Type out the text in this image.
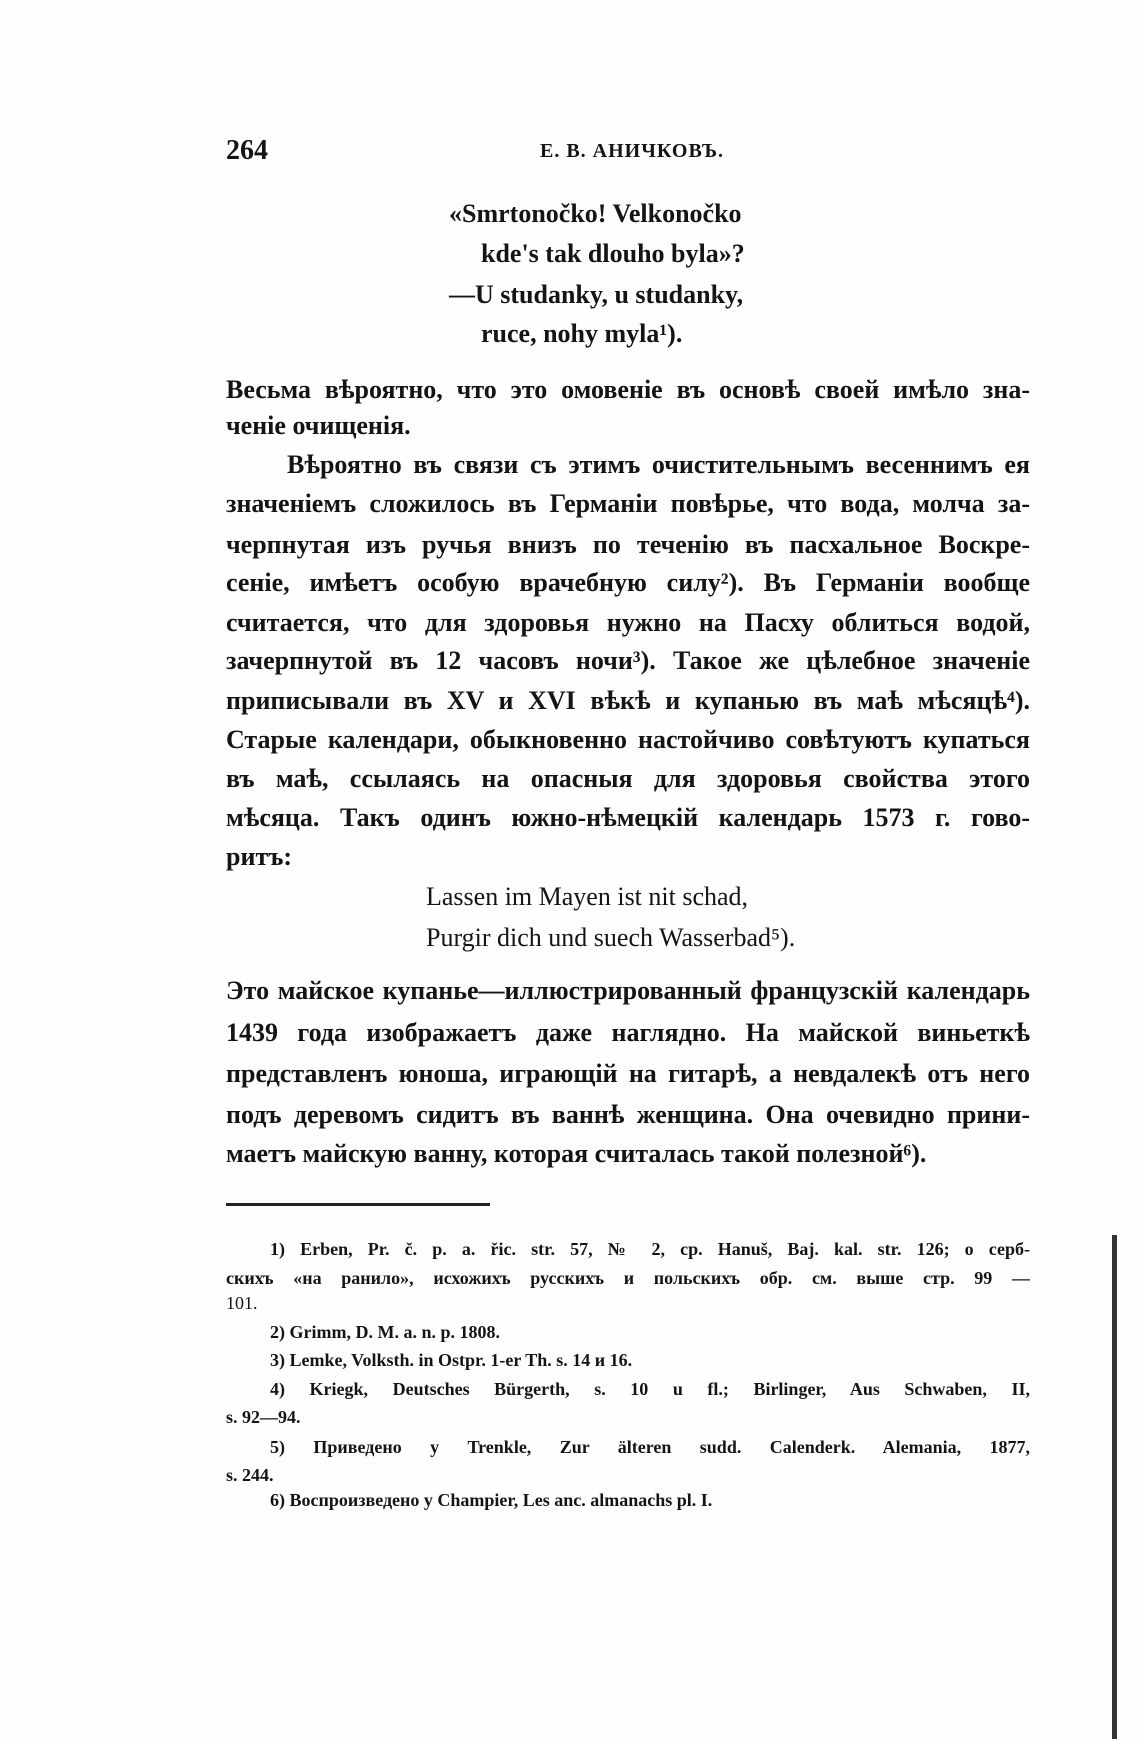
264	Е. В. АНИЧКОВЪ.
«Smrtonočko! Velkonočko
kde's tak dlouho byla»?
—U studanky, u studanky,
ruce, nohy myla¹).
Весьма вѣроятно, что это омовеніе въ основѣ своей имѣло зна-
ченіе очищенія.
Вѣроятно въ связи съ этимъ очистительнымъ весеннимъ ея
значеніемъ сложилось въ Германіи повѣрье, что вода, молча за-
черпнутая изъ ручья внизъ по теченію въ пасхальное Воскре-
сеніе, имѣетъ особую врачебную силу²). Въ Германіи вообще
считается, что для здоровья нужно на Пасху облиться водой,
зачерпнутой въ 12 часовъ ночи³). Такое же цѣлебное значеніе
приписывали въ XV и XVI вѣкѣ и купанью въ маѣ мѣсяцѣ⁴).
Старые календари, обыкновенно настойчиво совѣтуютъ купаться
въ маѣ, ссылаясь на опасныя для здоровья свойства этого
мѣсяца. Такъ одинъ южно-нѣмецкій календарь 1573 г. гово-
ритъ:
Lassen im Mayen ist nit schad,
Purgir dich und suech Wasserbad⁵).
Это майское купанье—иллюстрированный французскій календарь
1439 года изображаетъ даже наглядно. На майской виньеткѣ
представленъ юноша, играющій на гитарѣ, а невдалекѣ отъ него
подъ деревомъ сидитъ въ ваннѣ женщина. Она очевидно прини-
маетъ майскую ванну, которая считалась такой полезной⁶).
1) Erben, Pr. č. p. a. řic. str. 57, № 2, ср. Hanuš, Baj. kal. str. 126; о серб-
скихъ «на ранило», исхожихъ русскихъ и польскихъ обр. см. выше стр. 99 —
101.
2) Grimm, D. M. a. n. p. 1808.
3) Lemke, Volksth. in Ostpr. 1-er Th. s. 14 и 16.
4) Kriegk, Deutsches Bürgerth, s. 10 u fl.; Birlinger, Aus Schwaben, II,
s. 92—94.
5) Приведено у Trenkle, Zur älteren sudd. Calenderk. Alemania, 1877,
s. 244.
6) Воспроизведено у Champier, Les anc. almanachs pl. I.
